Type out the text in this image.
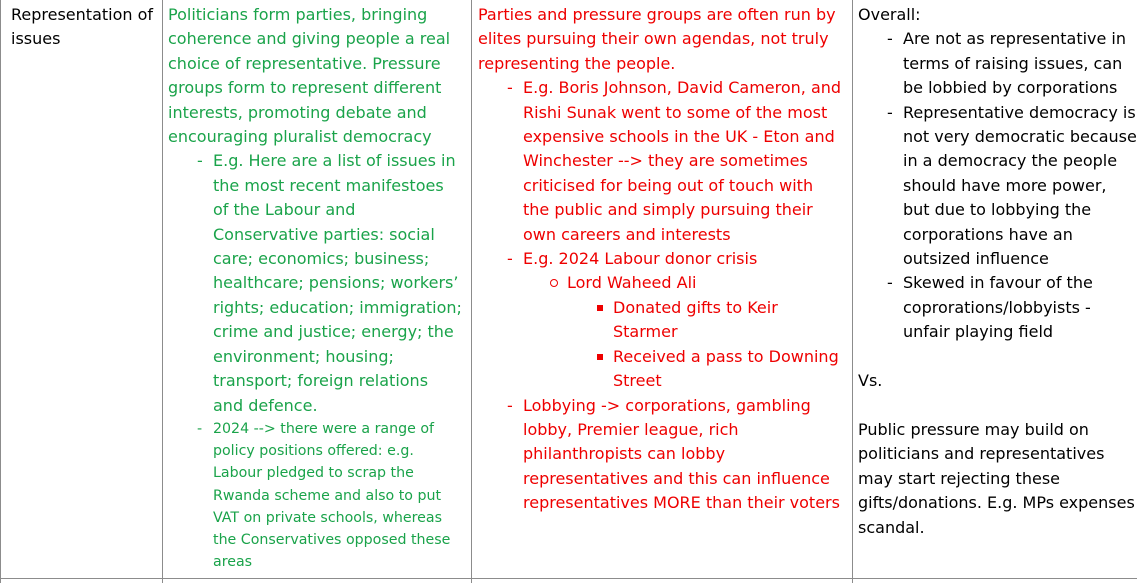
Representation of
issues
Politicians form parties, bringing
coherence and giving people a real
choice of representative. Pressure
groups form to represent different
interests, promoting debate and
encouraging pluralist democracy
- E.g. Here are a list of issues in
the most recent manifestoes
of the Labour and
Conservative parties: social
care; economics; business;
healthcare; pensions; workers’
rights; education; immigration;
crime and justice; energy; the
environment; housing;
transport; foreign relations
and defence.
- 2024 --> there were a range of
policy positions offered: e.g.
Labour pledged to scrap the
Rwanda scheme and also to put
VAT on private schools, whereas
the Conservatives opposed these
areas
Parties and pressure groups are often run by
elites pursuing their own agendas, not truly
representing the people.
- E.g. Boris Johnson, David Cameron, and
Rishi Sunak went to some of the most
expensive schools in the UK - Eton and
Winchester --> they are sometimes
criticised for being out of touch with
the public and simply pursuing their
own careers and interests
- E.g. 2024 Labour donor crisis
Lord Waheed Ali
Donated gifts to Keir
Starmer
Received a pass to Downing
Street
- Lobbying -> corporations, gambling
lobby, Premier league, rich
philanthropists can lobby
representatives and this can influence
representatives MORE than their voters
Overall:
- Are not as representative in
terms of raising issues, can
be lobbied by corporations
- Representative democracy is
not very democratic because
in a democracy the people
should have more power,
but due to lobbying the
corporations have an
outsized influence
- Skewed in favour of the
coprorations/lobbyists -
unfair playing field
Vs.
Public pressure may build on
politicians and representatives
may start rejecting these
gifts/donations. E.g. MPs expenses
scandal.
